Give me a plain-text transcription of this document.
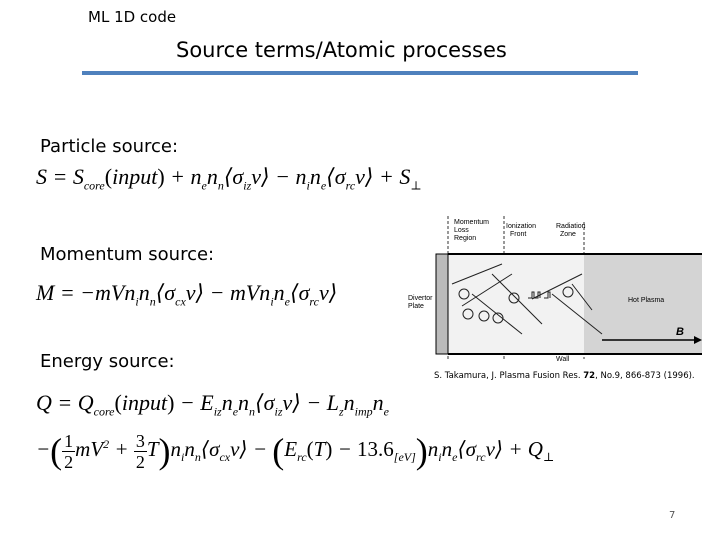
ML 1D code
Source terms/Atomic processes
Particle source:
$S = S_{core}(input)$ + $n_en_n⟨\sigma_{iz}v⟩$ − $n_in_e⟨\sigma_{rc}v⟩ + S_\perp$
Momentum source:
$M = -mVn_in_n⟨\sigma_{cx}v⟩$ − $mVn_in_e⟨\sigma_{rc}v⟩$
Energy source:
$Q = Q_{core}(input)$ − $E_{iz}n_en_n⟨\sigma_{iz}v⟩ - L_zn_{imp}n_e$
−( $\frac{1}{2} mV^2 + \frac{3}{2}$ $T)n_in_n⟨\sigma_{cx}v⟩ - (E_{rc}(T)$ − $13.6_{[eV]})n_in_e⟨\sigma_{rc}v⟩ + Q_\perp$
Momentum
Loss
Region
Ionization
Front
Radiation
Zone
Divertor
Plate
Hot Plasma
Wall
B
S. Takamura, J. Plasma Fusion Res. 72, No.9, 866-873 (1996).
7
